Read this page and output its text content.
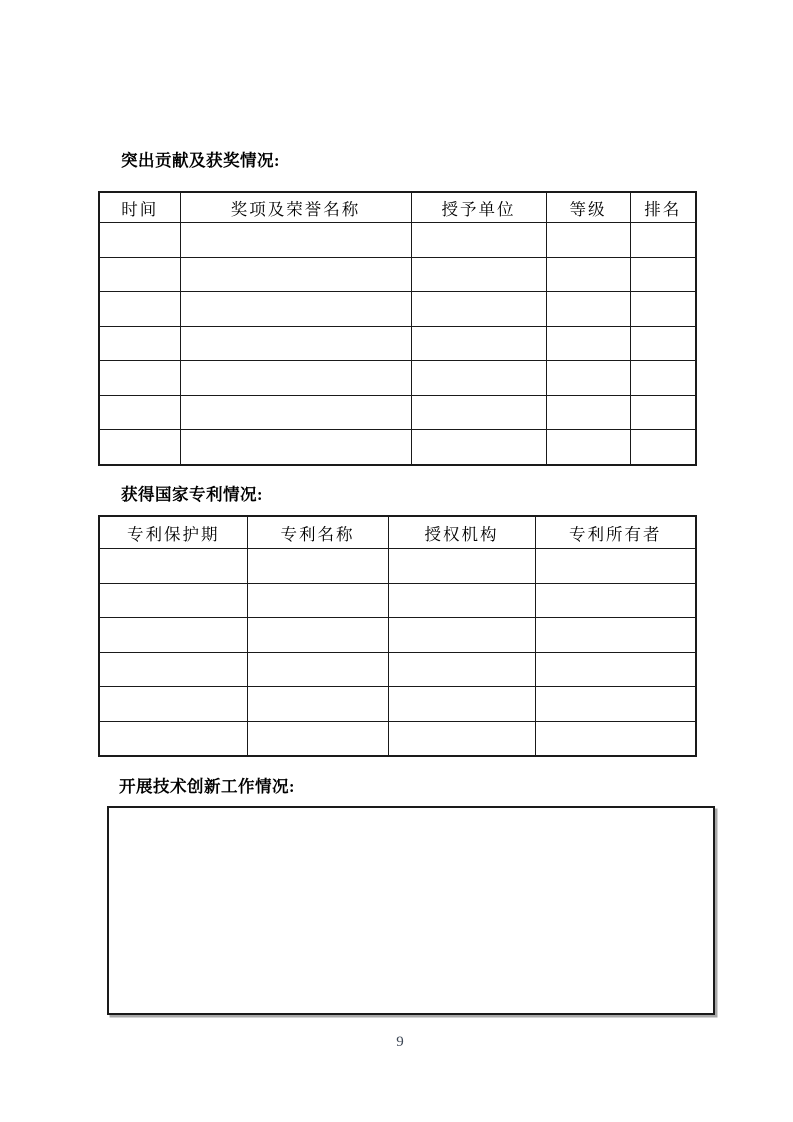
突出贡献及获奖情况:
时间	奖项及荣誉名称	授予单位	等级	排名

获得国家专利情况:
专利保护期	专利名称	授权机构	专利所有者

开展技术创新工作情况:
9
